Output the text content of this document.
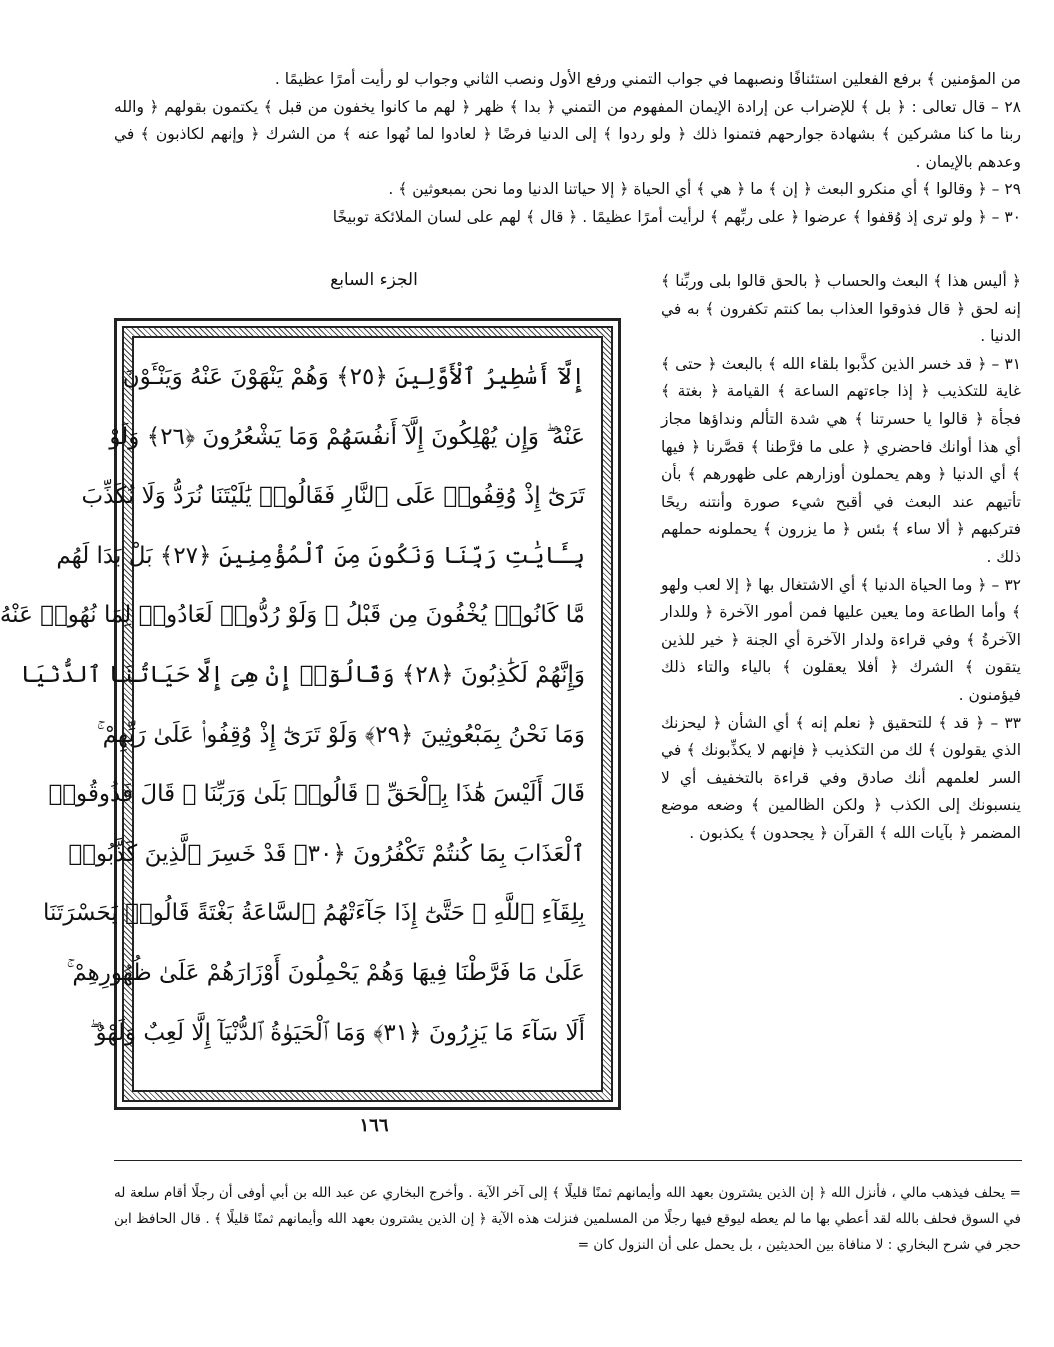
من المؤمنين ﴾ برفع الفعلين استئنافًا ونصبهما في جواب التمني ورفع الأول ونصب الثاني وجواب لو رأيت أمرًا عظيمًا .

٢٨ – قال تعالى : ﴿ بل ﴾ للإضراب عن إرادة الإيمان المفهوم من التمني ﴿ بدا ﴾ ظهر ﴿ لهم ما كانوا يخفون من قبل ﴾ يكتمون بقولهم ﴿ والله ربنا ما كنا مشركين ﴾ بشهادة جوارحهم فتمنوا ذلك ﴿ ولو ردوا ﴾ إلى الدنيا فرضًا ﴿ لعادوا لما نُهوا عنه ﴾ من الشرك ﴿ وإنهم لكاذبون ﴾ في وعدهم بالإيمان .

٢٩ – ﴿ وقالوا ﴾ أي منكرو البعث ﴿ إن ﴾ ما ﴿ هي ﴾ أي الحياة ﴿ إلا حياتنا الدنيا وما نحن بمبعوثين ﴾ .

٣٠ – ﴿ ولو ترى إذ وُقفوا ﴾ عرضوا ﴿ على ربِّهم ﴾ لرأيت أمرًا عظيمًا . ﴿ قال ﴾ لهم على لسان الملائكة توبيخًا

﴿ أليس هذا ﴾ البعث والحساب ﴿ بالحق قالوا بلى وربِّنا ﴾ إنه لحق ﴿ قال فذوقوا العذاب بما كنتم تكفرون ﴾ به في الدنيا .

٣١ – ﴿ قد خسر الذين كذَّبوا بلقاء الله ﴾ بالبعث ﴿ حتى ﴾ غاية للتكذيب ﴿ إذا جاءتهم الساعة ﴾ القيامة ﴿ بغتة ﴾ فجأة ﴿ قالوا يا حسرتنا ﴾ هي شدة التألم ونداؤها مجاز أي هذا أوانك فاحضري ﴿ على ما فرَّطنا ﴾ قصَّرنا ﴿ فيها ﴾ أي الدنيا ﴿ وهم يحملون أوزارهم على ظهورهم ﴾ بأن تأتيهم عند البعث في أقبح شيء صورة وأنتنه ريحًا فتركبهم ﴿ ألا ساء ﴾ بئس ﴿ ما يزرون ﴾ يحملونه حملهم ذلك .

٣٢ – ﴿ وما الحياة الدنيا ﴾ أي الاشتغال بها ﴿ إلا لعب ولهو ﴾ وأما الطاعة وما يعين عليها فمن أمور الآخرة ﴿ وللدار الآخرةُ ﴾ وفي قراءة ولدار الآخرة أي الجنة ﴿ خير للذين يتقون ﴾ الشرك ﴿ أفلا يعقلون ﴾ بالياء والتاء ذلك فيؤمنون .

٣٣ – ﴿ قد ﴾ للتحقيق ﴿ نعلم إنه ﴾ أي الشأن ﴿ ليحزنك الذي يقولون ﴾ لك من التكذيب ﴿ فإنهم لا يكذِّبونك ﴾ في السر لعلمهم أنك صادق وفي قراءة بالتخفيف أي لا ينسبونك إلى الكذب ﴿ ولكن الظالمين ﴾ وضعه موضع المضمر ﴿ بآيات الله ﴾ القرآن ﴿ يجحدون ﴾ يكذبون .

الجزء السابع
إِلَّآ أَسَٰطِيرُ ٱلْأَوَّلِينَ ﴿٢٥﴾ وَهُمْ يَنْهَوْنَ عَنْهُ وَيَنْـَٔوْنَ
عَنْهُ ۖ وَإِن يُهْلِكُونَ إِلَّآ أَنفُسَهُمْ وَمَا يَشْعُرُونَ ﴿٢٦﴾ وَلَوْ
تَرَىٰٓ إِذْ وُقِفُوا۟ عَلَى ٱلنَّارِ فَقَالُوا۟ يَٰلَيْتَنَا نُرَدُّ وَلَا نُكَذِّبَ
بِـَٔايَٰتِ رَبِّنَا وَنَكُونَ مِنَ ٱلْمُؤْمِنِينَ ﴿٢٧﴾ بَلْ بَدَا لَهُم
مَّا كَانُوا۟ يُخْفُونَ مِن قَبْلُ ۖ وَلَوْ رُدُّوا۟ لَعَادُوا۟ لِمَا نُهُوا۟ عَنْهُ
وَإِنَّهُمْ لَكَٰذِبُونَ ﴿٢٨﴾ وَقَالُوٓا۟ إِنْ هِىَ إِلَّا حَيَاتُنَا ٱلدُّنْيَا
وَمَا نَحْنُ بِمَبْعُوثِينَ ﴿٢٩﴾ وَلَوْ تَرَىٰٓ إِذْ وُقِفُوا۟ عَلَىٰ رَبِّهِمْ ۚ
قَالَ أَلَيْسَ هَٰذَا بِٱلْحَقِّ ۚ قَالُوا۟ بَلَىٰ وَرَبِّنَا ۚ قَالَ فَذُوقُوا۟
ٱلْعَذَابَ بِمَا كُنتُمْ تَكْفُرُونَ ﴿٣٠﴾ قَدْ خَسِرَ ٱلَّذِينَ كَذَّبُوا۟
بِلِقَآءِ ٱللَّهِ ۖ حَتَّىٰٓ إِذَا جَآءَتْهُمُ ٱلسَّاعَةُ بَغْتَةً قَالُوا۟ يَٰحَسْرَتَنَا
عَلَىٰ مَا فَرَّطْنَا فِيهَا وَهُمْ يَحْمِلُونَ أَوْزَارَهُمْ عَلَىٰ ظُهُورِهِمْ ۚ
أَلَا سَآءَ مَا يَزِرُونَ ﴿٣١﴾ وَمَا ٱلْحَيَوٰةُ ٱلدُّنْيَآ إِلَّا لَعِبٌ وَلَهْوٌ ۖ
١٦٦

= يحلف فيذهب مالي ، فأنزل الله ﴿ إن الذين يشترون بعهد الله وأيمانهم ثمنًا قليلًا ﴾ إلى آخر الآية . وأخرج البخاري عن عبد الله بن أبي أوفى أن رجلًا أقام سلعة له في السوق فحلف بالله لقد أعطي بها ما لم يعطه ليوقع فيها رجلًا من المسلمين فنزلت هذه الآية ﴿ إن الذين يشترون بعهد الله وأيمانهم ثمنًا قليلًا ﴾ . قال الحافظ ابن حجر في شرح البخاري : لا منافاة بين الحديثين ، بل يحمل على أن النزول كان =
